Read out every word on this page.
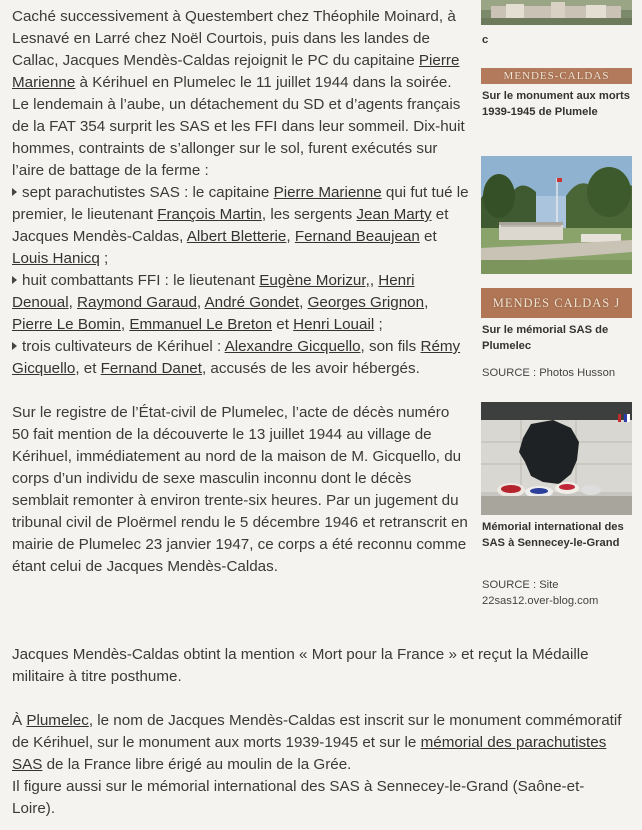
Caché successivement à Questembert chez Théophile Moinard, à Lesnavé en Larré chez Noël Courtois, puis dans les landes de Callac, Jacques Mendès-Caldas rejoignit le PC du capitaine Pierre Marienne à Kérihuel en Plumelec le 11 juillet 1944 dans la soirée. Le lendemain à l’aube, un détachement du SD et d’agents français de la FAT 354 surprit les SAS et les FFI dans leur sommeil. Dix-huit hommes, contraints de s’allonger sur le sol, furent exécutés sur l’aire de battage de la ferme :
sept parachutistes SAS : le capitaine Pierre Marienne qui fut tué le premier, le lieutenant François Martin, les sergents Jean Marty et Jacques Mendès-Caldas, Albert Bletterie, Fernand Beaujean et Louis Hanicq ;
huit combattants FFI : le lieutenant Eugène Morizur,, Henri Denoual, Raymond Garaud, André Gondet, Georges Grignon, Pierre Le Bomin, Emmanuel Le Breton et Henri Louail ;
trois cultivateurs de Kérihuel : Alexandre Gicquello, son fils Rémy Gicquello, et Fernand Danet, accusés de les avoir hébergés.

Sur le registre de l’État-civil de Plumelec, l’acte de décès numéro 50 fait mention de la découverte le 13 juillet 1944 au village de Kérihuel, immédiatement au nord de la maison de M. Gicquello, du corps d’un individu de sexe masculin inconnu dont le décès semblait remonter à environ trente-six heures. Par un jugement du tribunal civil de Ploërmel rendu le 5 décembre 1946 et retranscrit en mairie de Plumelec 23 janvier 1947, ce corps a été reconnu comme étant celui de Jacques Mendès-Caldas.

Jacques Mendès-Caldas obtint la mention « Mort pour la France » et reçut la Médaille militaire à titre posthume.

À Plumelec, le nom de Jacques Mendès-Caldas est inscrit sur le monument commémoratif de Kérihuel, sur le monument aux morts 1939-1945 et sur le mémorial des parachutistes SAS de la France libre érigé au moulin de la Grée.
Il figure aussi sur le mémorial international des SAS à Sennecey-le-Grand (Saône-et-Loire).

c
MENDES-CALDAS
Sur le monument aux morts 1939-1945 de Plumele
MENDES CALDAS J
Sur le mémorial SAS de Plumelec
SOURCE : Photos Husson
Mémorial international des SAS à Sennecey-le-Grand
SOURCE : Site 22sas12.over-blog.com
